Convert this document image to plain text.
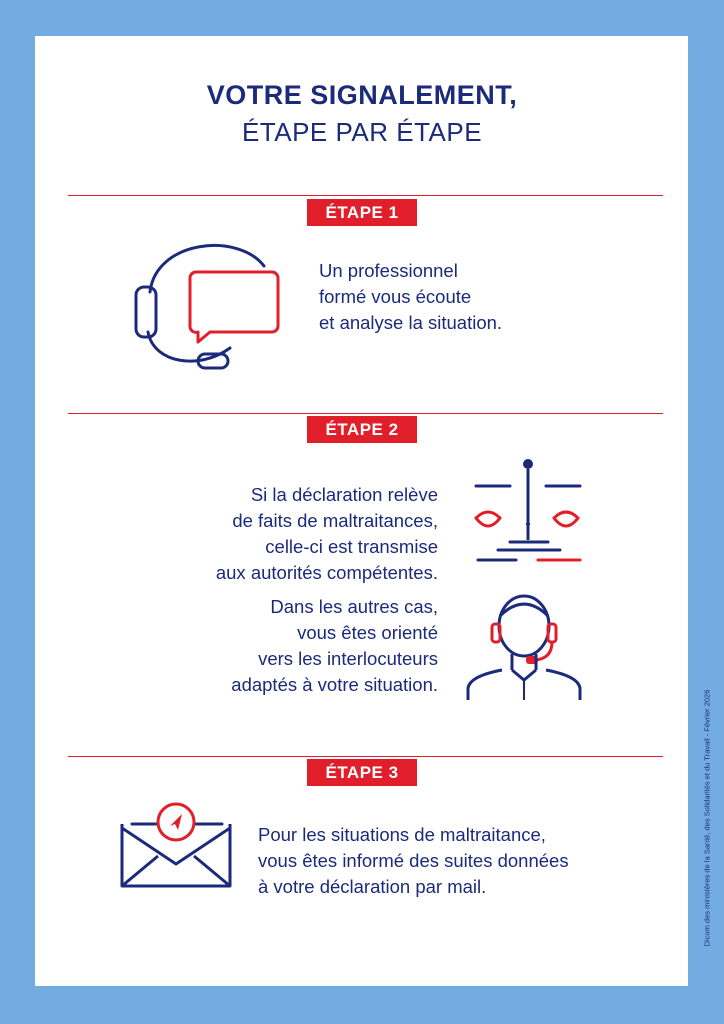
VOTRE SIGNALEMENT,
ÉTAPE PAR ÉTAPE
ÉTAPE 1
Un professionnel
formé vous écoute
et analyse la situation.
ÉTAPE 2
Si la déclaration relève
de faits de maltraitances,
celle-ci est transmise
aux autorités compétentes.
Dans les autres cas,
vous êtes orienté
vers les interlocuteurs
adaptés à votre situation.
ÉTAPE 3
Pour les situations de maltraitance,
vous êtes informé des suites données
à votre déclaration par mail.	Dicom des ministères de la Santé, des Solidarités et du Travail - Février 2026
